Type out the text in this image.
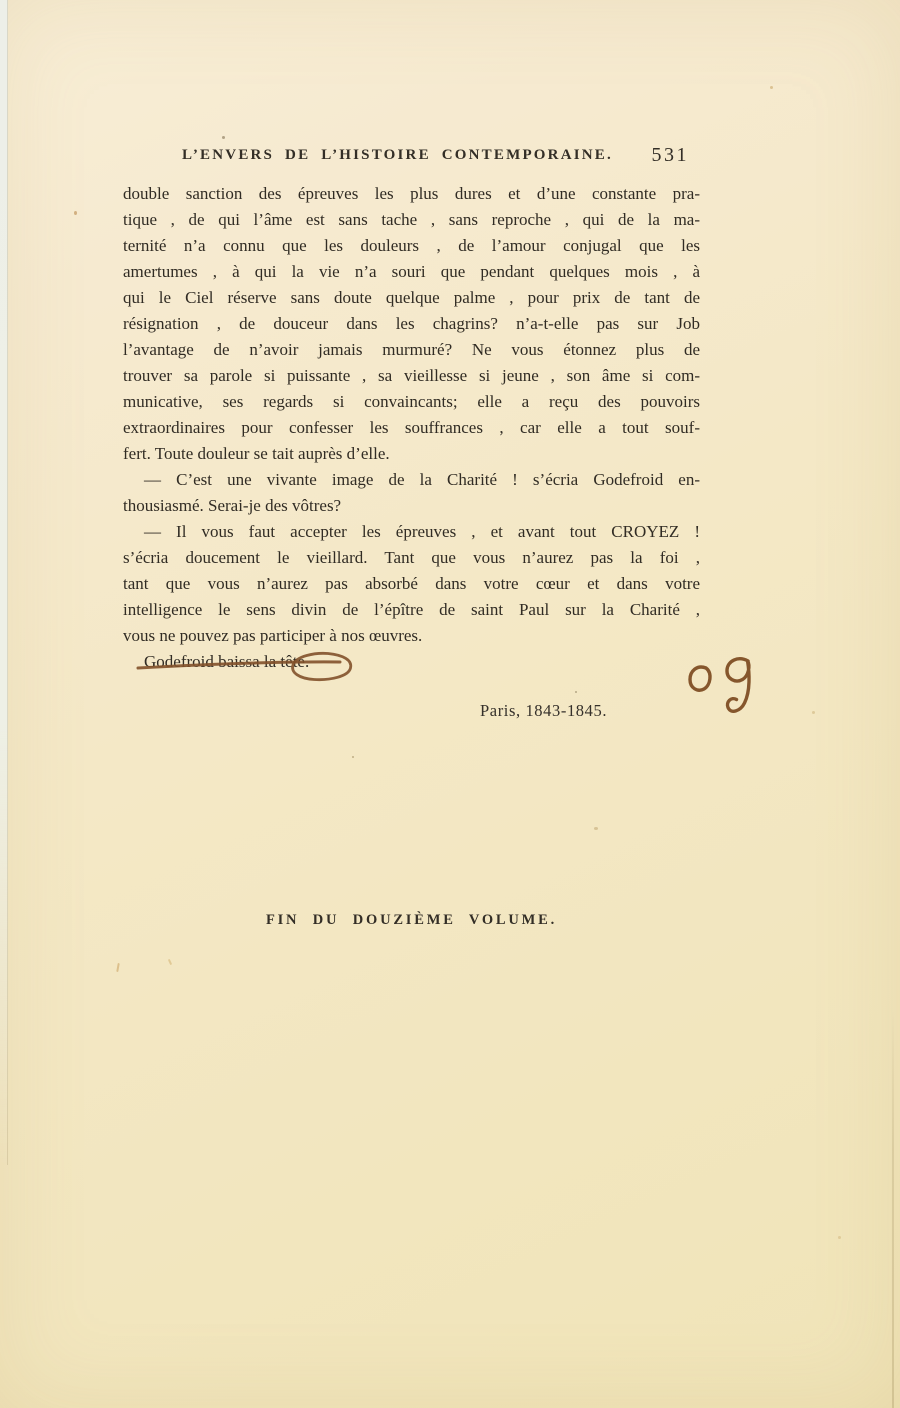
L’ENVERS DE L’HISTOIRE CONTEMPORAINE.	531
double sanction des épreuves les plus dures et d’une constante pra-
tique , de qui l’âme est sans tache , sans reproche , qui de la ma-
ternité n’a connu que les douleurs , de l’amour conjugal que les
amertumes , à qui la vie n’a souri que pendant quelques mois , à
qui le Ciel réserve sans doute quelque palme , pour prix de tant de
résignation , de douceur dans les chagrins? n’a-t-elle pas sur Job
l’avantage de n’avoir jamais murmuré? Ne vous étonnez plus de
trouver sa parole si puissante , sa vieillesse si jeune , son âme si com-
municative, ses regards si convaincants; elle a reçu des pouvoirs
extraordinaires pour confesser les souffrances , car elle a tout souf-
fert. Toute douleur se tait auprès d’elle.
— C’est une vivante image de la Charité ! s’écria Godefroid en-
thousiasmé. Serai-je des vôtres?
— Il vous faut accepter les épreuves , et avant tout CROYEZ !
s’écria doucement le vieillard. Tant que vous n’aurez pas la foi ,
tant que vous n’aurez pas absorbé dans votre cœur et dans votre
intelligence le sens divin de l’épître de saint Paul sur la Charité ,
vous ne pouvez pas participer à nos œuvres.
Godefroid baissa la tête.
Paris, 1843-1845.
FIN DU DOUZIÈME VOLUME.
